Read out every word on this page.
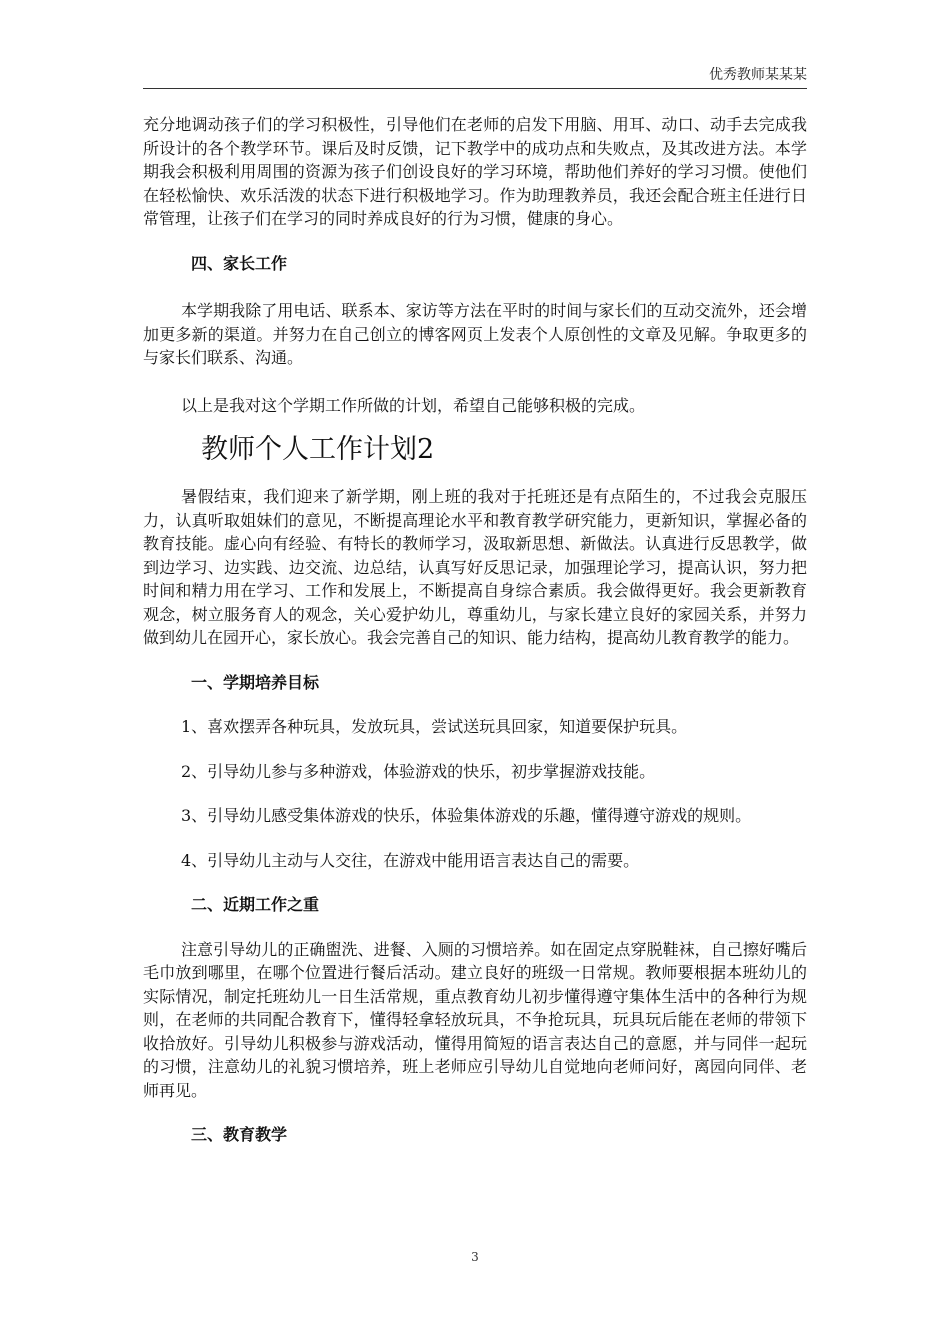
优秀教师某某某

充分地调动孩子们的学习积极性，引导他们在老师的启发下用脑、用耳、动口、动手去完成我所设计的各个教学环节。课后及时反馈，记下教学中的成功点和失败点，及其改进方法。本学期我会积极利用周围的资源为孩子们创设良好的学习环境，帮助他们养好的学习习惯。使他们在轻松愉快、欢乐活泼的状态下进行积极地学习。作为助理教养员，我还会配合班主任进行日常管理，让孩子们在学习的同时养成良好的行为习惯，健康的身心。

四、家长工作

本学期我除了用电话、联系本、家访等方法在平时的时间与家长们的互动交流外，还会增加更多新的渠道。并努力在自己创立的博客网页上发表个人原创性的文章及见解。争取更多的与家长们联系、沟通。

以上是我对这个学期工作所做的计划，希望自己能够积极的完成。

教师个人工作计划2

暑假结束，我们迎来了新学期，刚上班的我对于托班还是有点陌生的，不过我会克服压力，认真听取姐妹们的意见，不断提高理论水平和教育教学研究能力，更新知识，掌握必备的教育技能。虚心向有经验、有特长的教师学习，汲取新思想、新做法。认真进行反思教学，做到边学习、边实践、边交流、边总结，认真写好反思记录，加强理论学习，提高认识，努力把时间和精力用在学习、工作和发展上，不断提高自身综合素质。我会做得更好。我会更新教育观念，树立服务育人的观念，关心爱护幼儿，尊重幼儿，与家长建立良好的家园关系，并努力做到幼儿在园开心，家长放心。我会完善自己的知识、能力结构，提高幼儿教育教学的能力。

一、学期培养目标

1、喜欢摆弄各种玩具，发放玩具，尝试送玩具回家，知道要保护玩具。

2、引导幼儿参与多种游戏，体验游戏的快乐，初步掌握游戏技能。

3、引导幼儿感受集体游戏的快乐，体验集体游戏的乐趣，懂得遵守游戏的规则。

4、引导幼儿主动与人交往，在游戏中能用语言表达自己的需要。

二、近期工作之重

注意引导幼儿的正确盥洗、进餐、入厕的习惯培养。如在固定点穿脱鞋袜，自己擦好嘴后毛巾放到哪里，在哪个位置进行餐后活动。建立良好的班级一日常规。教师要根据本班幼儿的实际情况，制定托班幼儿一日生活常规，重点教育幼儿初步懂得遵守集体生活中的各种行为规则，在老师的共同配合教育下，懂得轻拿轻放玩具，不争抢玩具，玩具玩后能在老师的带领下收拾放好。引导幼儿积极参与游戏活动，懂得用简短的语言表达自己的意愿，并与同伴一起玩的习惯，注意幼儿的礼貌习惯培养，班上老师应引导幼儿自觉地向老师问好，离园向同伴、老师再见。

三、教育教学
3
